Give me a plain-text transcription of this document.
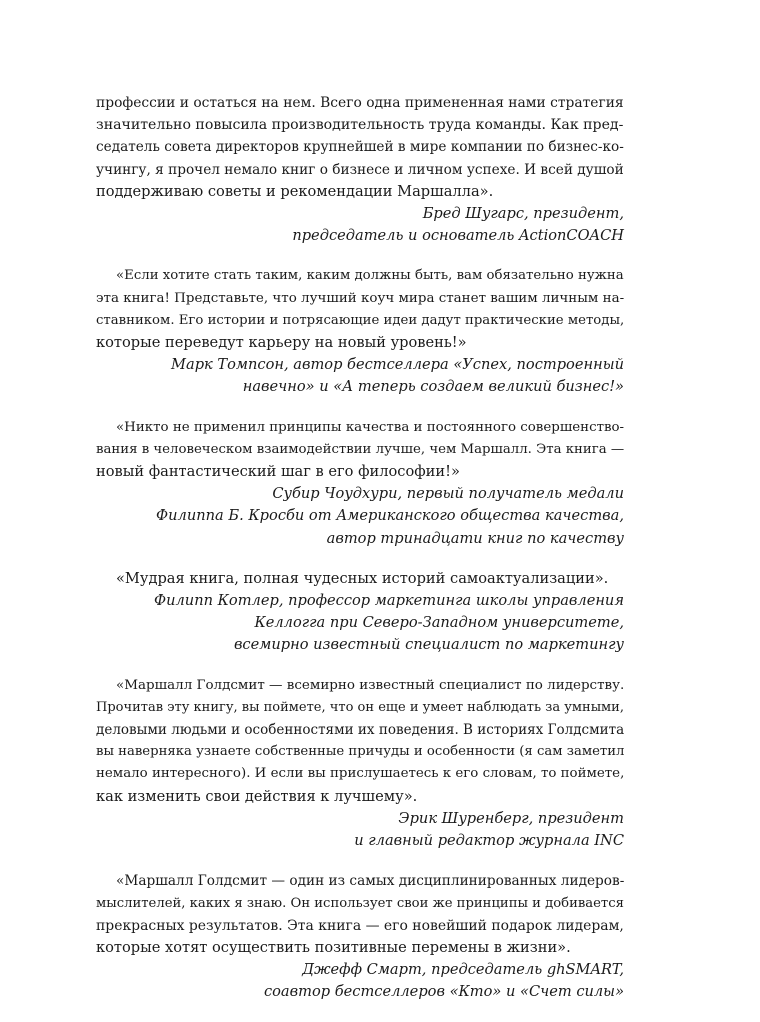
профессии и остаться на нем. Всего одна примененная нами стратегия

значительно повысила производительность труда команды. Как пред-

седатель совета директоров крупнейшей в мире компании по бизнес-ко-

учингу, я прочел немало книг о бизнесе и личном успехе. И всей душой

поддерживаю советы и рекомендации Маршалла».

Бред Шугарс, президент,
председатель и основатель ActionCOACH

«Если хотите стать таким, каким должны быть, вам обязательно нужна

эта книга! Представьте, что лучший коуч мира станет вашим личным на-

ставником. Его истории и потрясающие идеи дадут практические методы,

которые переведут карьеру на новый уровень!»

Марк Томпсон, автор бестселлера «Успех, построенный
навечно» и «А теперь создаем великий бизнес!»

«Никто не применил принципы качества и постоянного совершенство-

вания в человеческом взаимодействии лучше, чем Маршалл. Эта книга —

новый фантастический шаг в его философии!»

Субир Чоудхури, первый получатель медали
Филиппа Б. Кросби от Американского общества качества,
автор тринадцати книг по качеству

«Мудрая книга, полная чудесных историй самоактуализации».

Филипп Котлер, профессор маркетинга школы управления
Келлогга при Северо-Западном университете,
всемирно известный специалист по маркетингу

«Маршалл Голдсмит — всемирно известный специалист по лидерству.

Прочитав эту книгу, вы поймете, что он еще и умеет наблюдать за умными,

деловыми людьми и особенностями их поведения. В историях Голдсмита

вы наверняка узнаете собственные причуды и особенности (я сам заметил

немало интересного). И если вы прислушаетесь к его словам, то поймете,

как изменить свои действия к лучшему».

Эрик Шуренберг, президент
и главный редактор журнала INC

«Маршалл Голдсмит — один из самых дисциплинированных лидеров-

мыслителей, каких я знаю. Он использует свои же принципы и добивается

прекрасных результатов. Эта книга — его новейший подарок лидерам,

которые хотят осуществить позитивные перемены в жизни».

Джефф Смарт, председатель ghSMART,
соавтор бестселлеров «Кто» и «Счет силы»
